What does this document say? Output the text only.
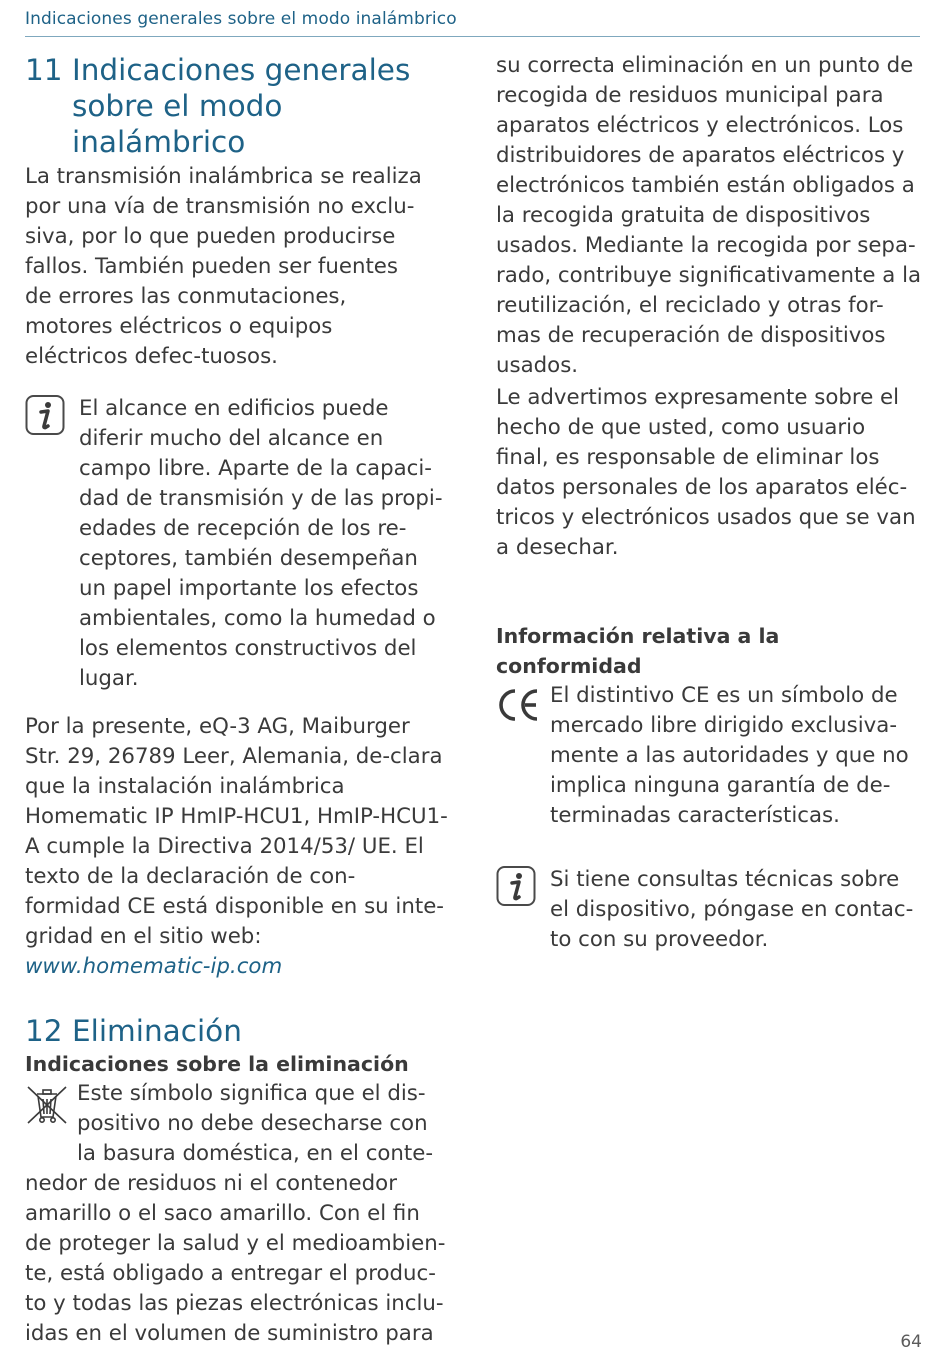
Indicaciones generales sobre el modo inalámbrico
11 Indicaciones generales
sobre el modo inalámbrico

La transmisión inalámbrica se realiza por una vía de transmisión no exclu-siva, por lo que pueden producirse fallos. También pueden ser fuentes de errores las conmutaciones, motores eléctricos o equipos eléctricos defec-tuosos.

El alcance en edificios puede diferir mucho del alcance en campo libre. Aparte de la capaci-dad de transmisión y de las propi-edades de recepción de los re-ceptores, también desempeñan un papel importante los efectos ambientales, como la humedad o los elementos constructivos del lugar.

Por la presente, eQ-3 AG, Maiburger Str. 29, 26789 Leer, Alemania, de-clara que la instalación inalámbrica Homematic IP HmIP-HCU1, HmIP-HCU1-A cumple la Directiva 2014/53/ UE. El texto de la declaración de con-formidad CE está disponible en su inte-gridad en el sitio web:

www.homematic-ip.com

12 Eliminación

Indicaciones sobre la eliminación

Este símbolo significa que el dis-positivo no debe desecharse con la basura doméstica, en el conte-nedor de residuos ni el contenedor amarillo o el saco amarillo. Con el fin de proteger la salud y el medioambien-te, está obligado a entregar el produc-to y todas las piezas electrónicas inclu-idas en el volumen de suministro para

su correcta eliminación en un punto de recogida de residuos municipal para aparatos eléctricos y electrónicos. Los distribuidores de aparatos eléctricos y electrónicos también están obligados a la recogida gratuita de dispositivos usados. Mediante la recogida por sepa-rado, contribuye significativamente a la reutilización, el reciclado y otras for-mas de recuperación de dispositivos usados.

Le advertimos expresamente sobre el hecho de que usted, como usuario final, es responsable de eliminar los datos personales de los aparatos eléc-tricos y electrónicos usados que se van a desechar.

Información relativa a la conformidad

El distintivo CE es un símbolo de mercado libre dirigido exclusiva-mente a las autoridades y que no implica ninguna garantía de de-terminadas características.

Si tiene consultas técnicas sobre el dispositivo, póngase en contac-to con su proveedor.

64
